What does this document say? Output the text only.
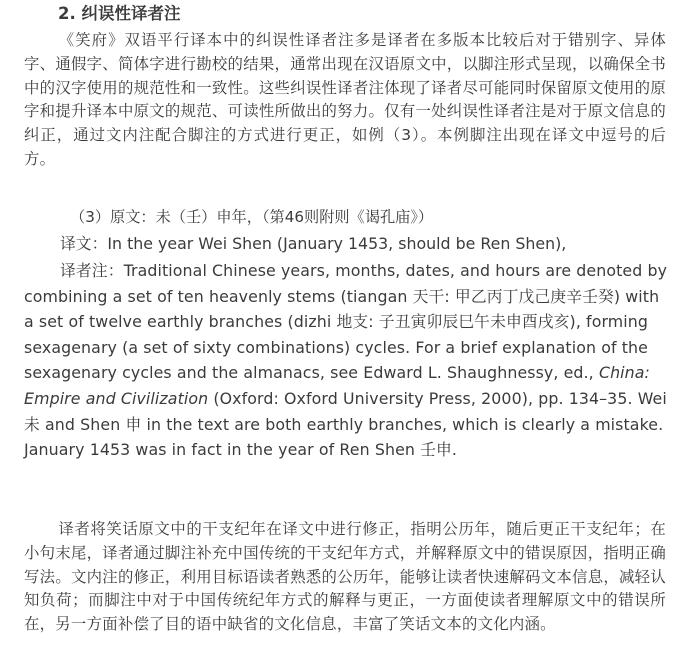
2. 纠误性译者注

《笑府》双语平行译本中的纠误性译者注多是译者在多版本比较后对于错别字、异体字、通假字、简体字进行勘校的结果，通常出现在汉语原文中，以脚注形式呈现，以确保全书中的汉字使用的规范性和一致性。这些纠误性译者注体现了译者尽可能同时保留原文使用的原字和提升译本中原文的规范、可读性所做出的努力。仅有一处纠误性译者注是对于原文信息的纠正，通过文内注配合脚注的方式进行更正，如例（3）。本例脚注出现在译文中逗号的后方。

（3）原文：未（壬）申年，（第46则附则《谒孔庙》）

译文：In the year Wei Shen (January 1453, should be Ren Shen),

译者注：Traditional Chinese years, months, dates, and hours are denoted by combining a set of ten heavenly stems (tiangan 天干: 甲乙丙丁戊己庚辛壬癸) with a set of twelve earthly branches (dizhi 地支: 子丑寅卯辰巳午未申酉戌亥), forming sexagenary (a set of sixty combinations) cycles. For a brief explanation of the sexagenary cycles and the almanacs, see Edward L. Shaughnessy, ed., China: Empire and Civilization (Oxford: Oxford University Press, 2000), pp. 134–35. Wei 未 and Shen 申 in the text are both earthly branches, which is clearly a mistake. January 1453 was in fact in the year of Ren Shen 壬申.

译者将笑话原文中的干支纪年在译文中进行修正，指明公历年，随后更正干支纪年；在小句末尾，译者通过脚注补充中国传统的干支纪年方式，并解释原文中的错误原因，指明正确写法。文内注的修正，利用目标语读者熟悉的公历年，能够让读者快速解码文本信息，减轻认知负荷；而脚注中对于中国传统纪年方式的解释与更正，一方面使读者理解原文中的错误所在，另一方面补偿了目的语中缺省的文化信息，丰富了笑话文本的文化内涵。
